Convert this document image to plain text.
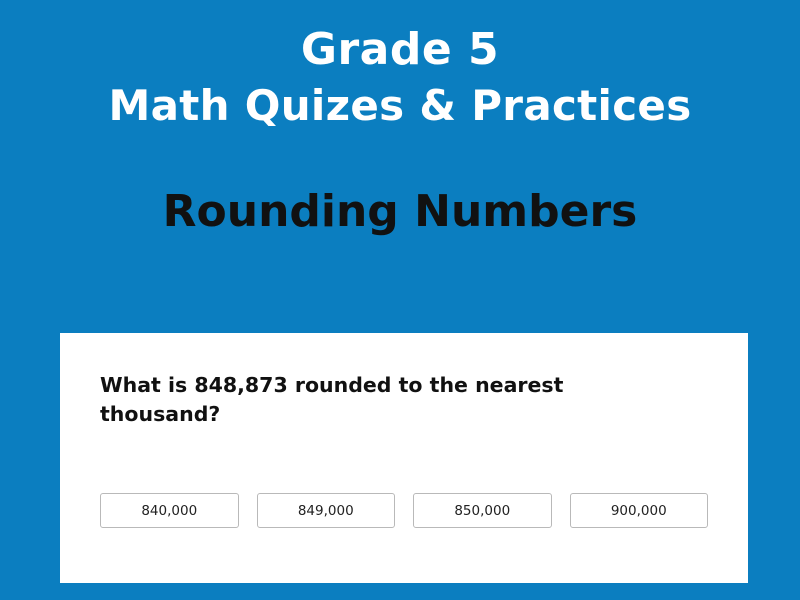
Grade 5
Math Quizes & Practices
Rounding Numbers
What is 848,873 rounded to the nearest thousand?
840,000	849,000	850,000	900,000
